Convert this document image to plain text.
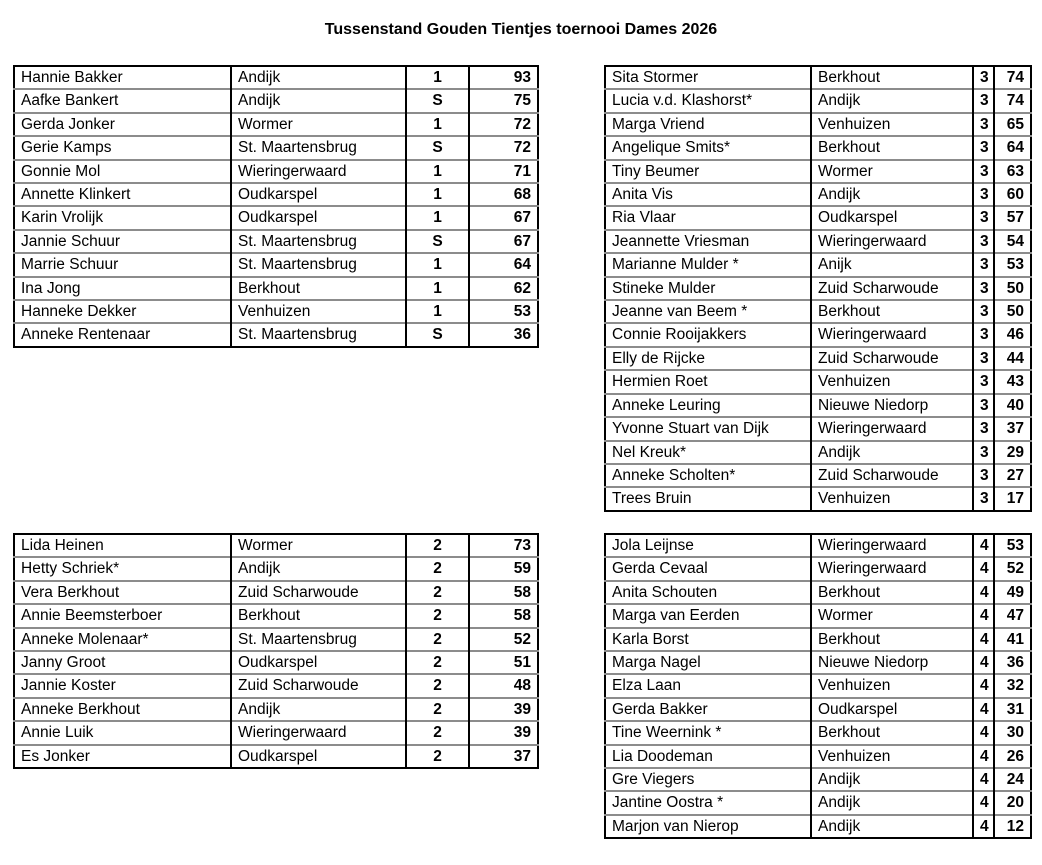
Tussenstand Gouden Tientjes toernooi Dames 2026
Hannie Bakker	Andijk	1	93
Aafke Bankert	Andijk	S	75
Gerda Jonker	Wormer	1	72
Gerie Kamps	St. Maartensbrug	S	72
Gonnie Mol	Wieringerwaard	1	71
Annette Klinkert	Oudkarspel	1	68
Karin Vrolijk	Oudkarspel	1	67
Jannie Schuur	St. Maartensbrug	S	67
Marrie Schuur	St. Maartensbrug	1	64
Ina Jong	Berkhout	1	62
Hanneke Dekker	Venhuizen	1	53
Anneke Rentenaar	St. Maartensbrug	S	36
Sita Stormer	Berkhout	3	74
Lucia v.d. Klashorst*	Andijk	3	74
Marga Vriend	Venhuizen	3	65
Angelique Smits*	Berkhout	3	64
Tiny Beumer	Wormer	3	63
Anita Vis	Andijk	3	60
Ria Vlaar	Oudkarspel	3	57
Jeannette Vriesman	Wieringerwaard	3	54
Marianne Mulder *	Anijk	3	53
Stineke Mulder	Zuid Scharwoude	3	50
Jeanne van Beem *	Berkhout	3	50
Connie Rooijakkers	Wieringerwaard	3	46
Elly de Rijcke	Zuid Scharwoude	3	44
Hermien Roet	Venhuizen	3	43
Anneke Leuring	Nieuwe Niedorp	3	40
Yvonne Stuart van Dijk	Wieringerwaard	3	37
Nel Kreuk*	Andijk	3	29
Anneke Scholten*	Zuid Scharwoude	3	27
Trees Bruin	Venhuizen	3	17
Lida Heinen	Wormer	2	73
Hetty Schriek*	Andijk	2	59
Vera Berkhout	Zuid Scharwoude	2	58
Annie Beemsterboer	Berkhout	2	58
Anneke Molenaar*	St. Maartensbrug	2	52
Janny Groot	Oudkarspel	2	51
Jannie Koster	Zuid Scharwoude	2	48
Anneke Berkhout	Andijk	2	39
Annie Luik	Wieringerwaard	2	39
Es Jonker	Oudkarspel	2	37
Jola Leijnse	Wieringerwaard	4	53
Gerda Cevaal	Wieringerwaard	4	52
Anita Schouten	Berkhout	4	49
Marga van Eerden	Wormer	4	47
Karla Borst	Berkhout	4	41
Marga Nagel	Nieuwe Niedorp	4	36
Elza Laan	Venhuizen	4	32
Gerda Bakker	Oudkarspel	4	31
Tine Weernink *	Berkhout	4	30
Lia Doodeman	Venhuizen	4	26
Gre Viegers	Andijk	4	24
Jantine Oostra *	Andijk	4	20
Marjon van Nierop	Andijk	4	12
